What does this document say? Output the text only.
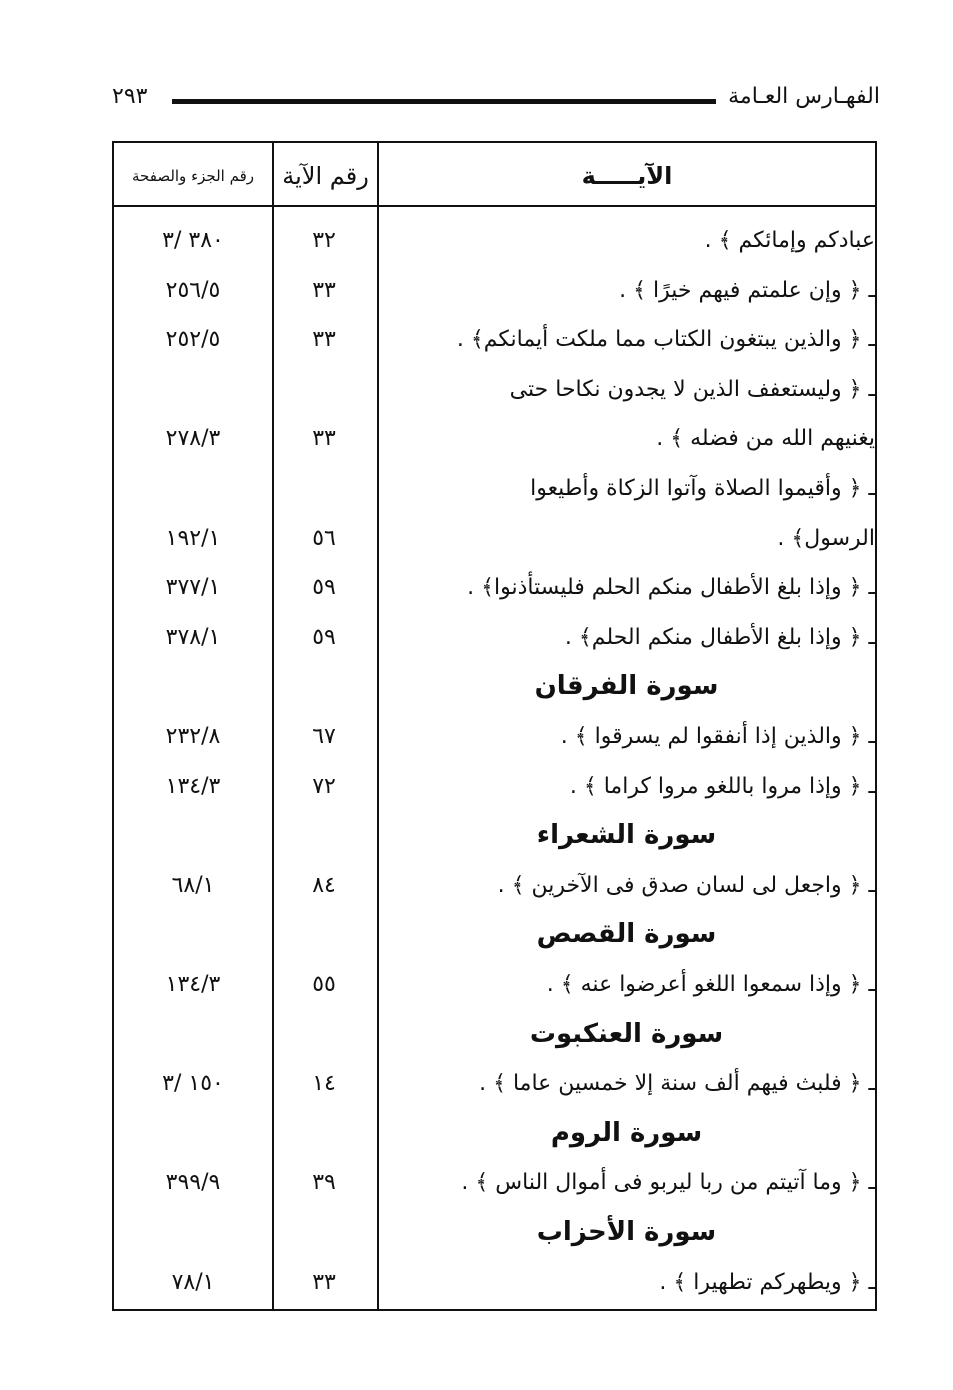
الفهـارس العـامة
٢٩٣
الآيـــــة
رقم الآية
رقم الجزء والصفحة
عبادكم وإمائكم ﴾ .
٣٢
٣٨٠ /٣
ـ ﴿ وإن علمتم فيهم خيرًا ﴾ .
٣٣
٢٥٦/٥
ـ ﴿ والذين يبتغون الكتاب مما ملكت أيمانكم﴾ .
٣٣
٢٥٢/٥
ـ ﴿ وليستعفف الذين لا يجدون نكاحا حتى
يغنيهم الله من فضله ﴾ .
٣٣
٢٧٨/٣
ـ ﴿ وأقيموا الصلاة وآتوا الزكاة وأطيعوا
الرسول﴾ .
٥٦
١٩٢/١
ـ ﴿ وإذا بلغ الأطفال منكم الحلم فليستأذنوا﴾ .
٥٩
٣٧٧/١
ـ ﴿ وإذا بلغ الأطفال منكم الحلم﴾ .
٥٩
٣٧٨/١
سورة الفرقان
ـ ﴿ والذين إذا أنفقوا لم يسرقوا ﴾ .
٦٧
٢٣٢/٨
ـ ﴿ وإذا مروا باللغو مروا كراما ﴾ .
٧٢
١٣٤/٣
سورة الشعراء
ـ ﴿ واجعل لى لسان صدق فى الآخرين ﴾ .
٨٤
٦٨/١
سورة القصص
ـ ﴿ وإذا سمعوا اللغو أعرضوا عنه ﴾ .
٥٥
١٣٤/٣
سورة العنكبوت
ـ ﴿ فلبث فيهم ألف سنة إلا خمسين عاما ﴾ .
١٤
١٥٠ /٣
سورة الروم
ـ ﴿ وما آتيتم من ربا ليربو فى أموال الناس ﴾ .
٣٩
٣٩٩/٩
سورة الأحزاب
ـ ﴿ ويطهركم تطهيرا ﴾ .
٣٣
٧٨/١
